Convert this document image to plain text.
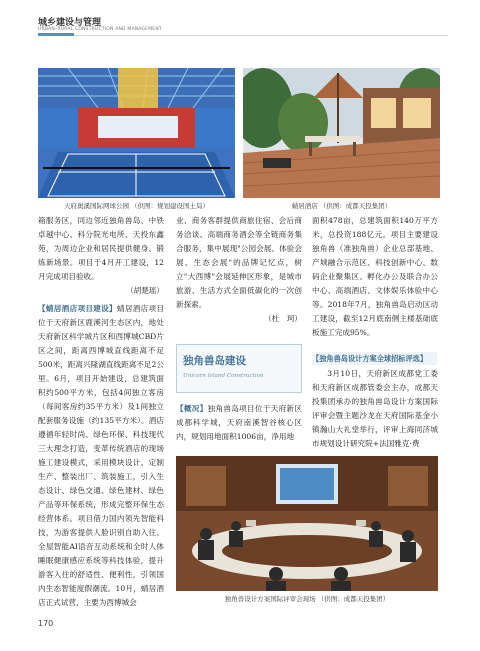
城乡建设与管理
URBAN–RURAL CONSTRUCTION AND MANAGEMENT
天府奥溪国际网球公园 （供图：规划建设国土局）	蜻居酒店 （供图：成都天投集团）

箱服务区，同边邻近独角兽岛、中铁卓越中心、科分院光电所、天投东鑫苑，为周边企业和居民提供健身、锻炼新场景。项目于4月开工建设，12月完成项目验收。

（胡楚瑶）

【蜻居酒店项目建设】蜻居酒店项目位于天府新区鹿溪河生态区内，地处天府新区科学城片区和西博城CBD片区之间，距离西博城直线距离不足500米，距离兴隆湖直线距离不足2公里。6月，项目开始建设，总建筑面积约500平方米，包括4间独立客房（每间客房约35平方米）及1间独立配套服务设施（约135平方米）。酒店遵循年轻时尚、绿色环保、科技现代三大理念打造，变革传统酒店的现场施工建设模式，采用模块设计、定制生产、整装出厂、筑装施工，引入生态设计、绿色交通、绿色建材、绿色产品等环保系统，形成完整环保生态经营体系。项目借力国内领先智能科技，为游客提供人脸识别自助入住、全屋智能AI语音互动系统和全时人体睡眠健康感应系统等科技体验，提升游客入住的舒适性、便利性，引领国内生态智能度假潮流。10月，蜻居酒店正式试营，主要为西博城会

业、商务客群提供商旅住宿、会后商务洽谈、高端商务酒会等全链商务集合服务，集中展现"公园会展、体验会展、生态会展"的品牌记忆点，树立"大西博"会展延伸区形象，是城市旅游、生活方式全面低碳化的一次创新探索。

（杜　珂）

独角兽岛建设
Unicorn Island Construction

【概况】独角兽岛项目位于天府新区成都科学城，天府南溪智谷核心区内，规划用地面积1006亩，净用地

面积478亩，总建筑面积140万平方米，总投资188亿元。项目主要建设独角兽（准独角兽）企业总部基地、产城融合示范区、科技创新中心、数码企业聚集区、孵化办公及联合办公中心、高端酒店、文体娱乐体验中心等。2018年7月，独角兽岛启动区动工建设，截至12月底南侧主楼基础底板施工完成95%。

【独角兽岛设计方案全球招标评选】

3月10日，天府新区成都党工委和天府新区成都管委会主办，成都天投集团承办的独角兽岛设计方案国际评审会暨主题沙龙在天府国际基金小镇瀚山大礼堂举行，评审上海同济城市规划设计研究院+法国雅克·费

独角兽设计方案国际评审会现场 （供图：成都天投集团）
170
